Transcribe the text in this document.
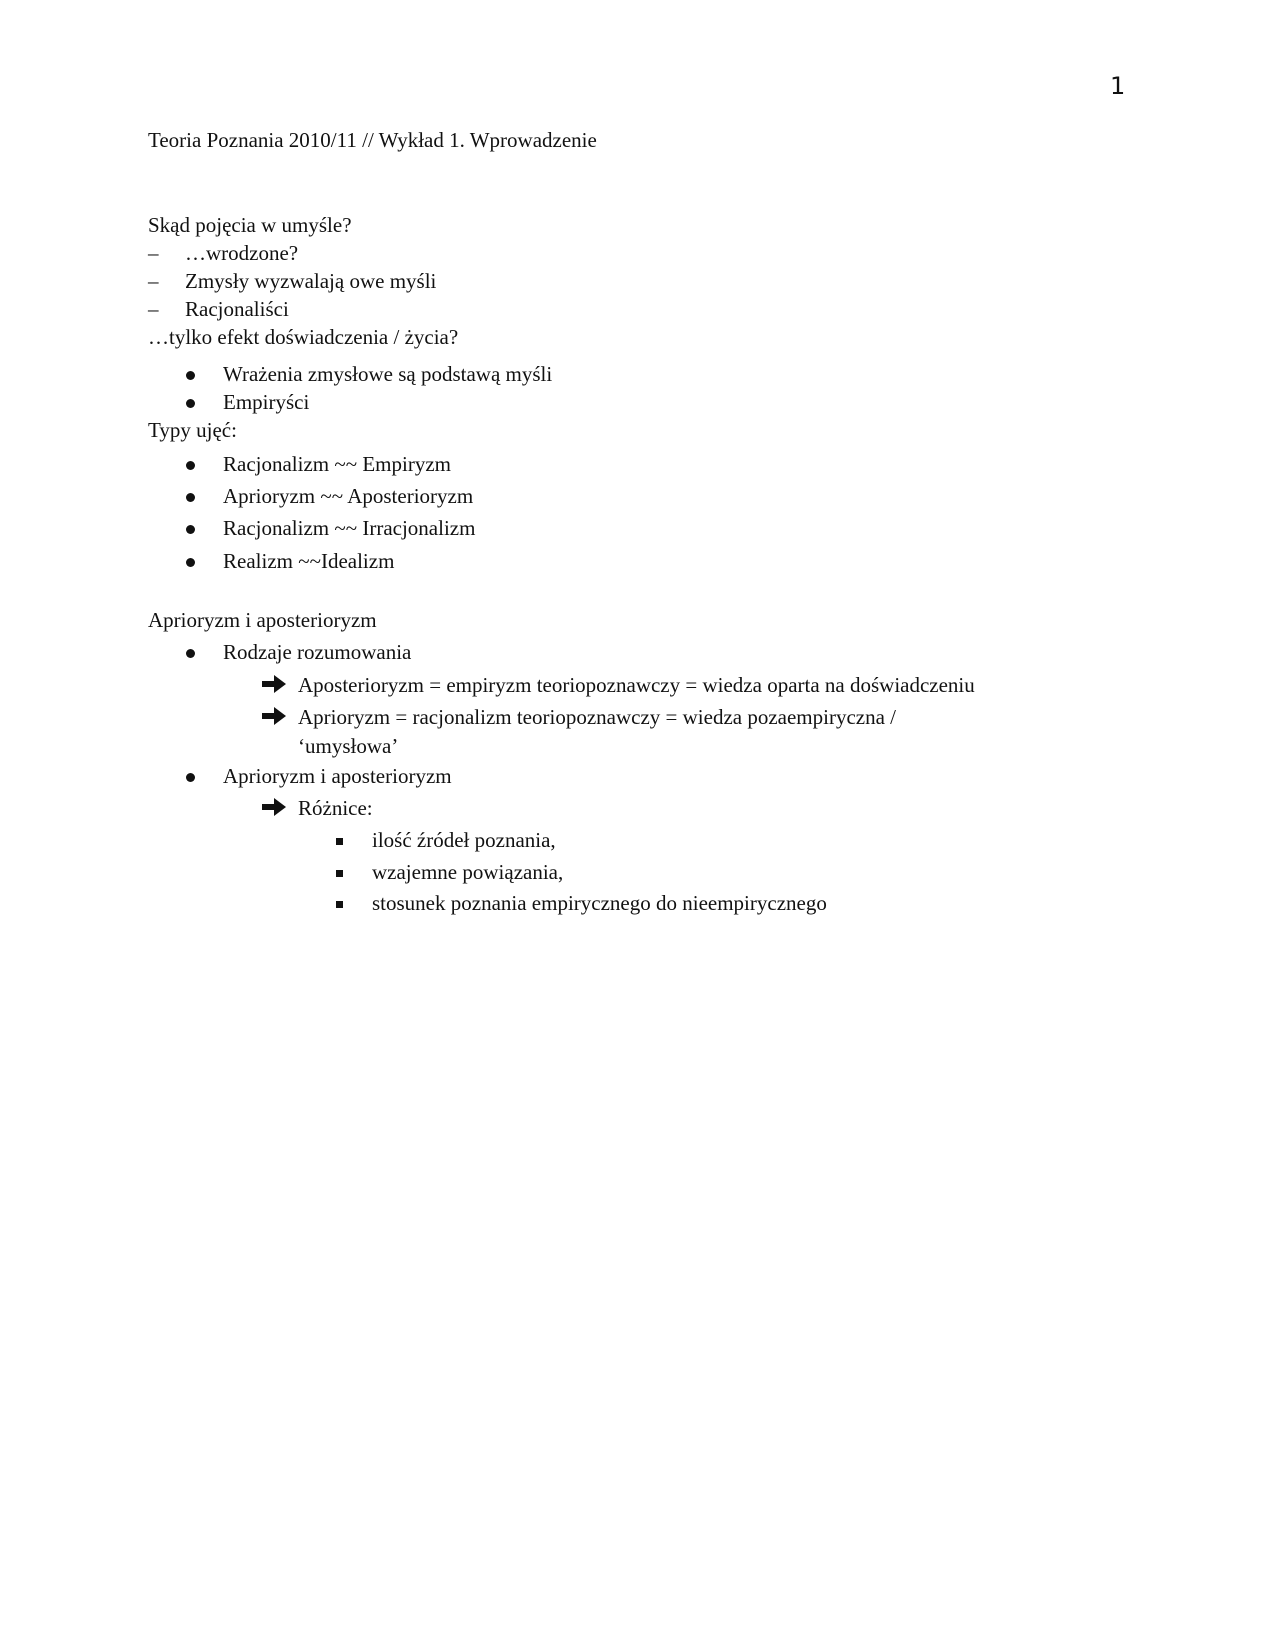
1
Teoria Poznania 2010/11 // Wykład 1. Wprowadzenie
Skąd pojęcia w umyśle?
– …wrodzone?
– Zmysły wyzwalają owe myśli
– Racjonaliści
…tylko efekt doświadczenia / życia?
Wrażenia zmysłowe są podstawą myśli
Empiryści
Typy ujęć:
Racjonalizm ~~ Empiryzm
Aprioryzm ~~ Aposterioryzm
Racjonalizm ~~ Irracjonalizm
Realizm ~~Idealizm
Aprioryzm i aposterioryzm
Rodzaje rozumowania
Aposterioryzm = empiryzm teoriopoznawczy = wiedza oparta na doświadczeniu
Aprioryzm = racjonalizm teoriopoznawczy = wiedza pozaempiryczna /
‘umysłowa’
Aprioryzm i aposterioryzm
Różnice:
ilość źródeł poznania,
wzajemne powiązania,
stosunek poznania empirycznego do nieempirycznego
